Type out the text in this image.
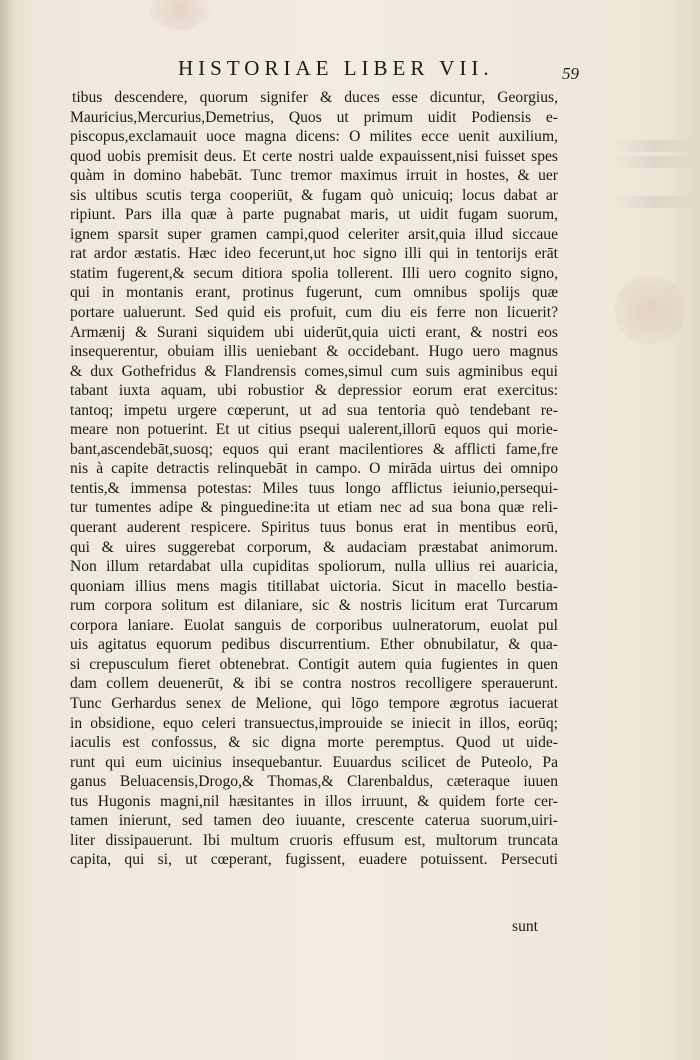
HISTORIAE LIBER VII.	59
tibus descendere, quorum signifer & duces esse dicuntur, Georgius,
Mauricius,Mercurius,Demetrius, Quos ut primum uidit Podiensis e-
piscopus,exclamauit uoce magna dicens: O milites ecce uenit auxilium,
quod uobis premisit deus. Et certe nostri ualde expauissent,nisi fuisset spes
quàm in domino habebāt. Tunc tremor maximus irruit in hostes, & uer
sis ultibus scutis terga cooperiūt, & fugam quò unicuiq; locus dabat ar
ripiunt. Pars illa quæ à parte pugnabat maris, ut uidit fugam suorum,
ignem sparsit super gramen campi,quod celeriter arsit,quia illud siccaue
rat ardor æstatis. Hæc ideo fecerunt,ut hoc signo illi qui in tentorijs erāt
statim fugerent,& secum ditiora spolia tollerent. Illi uero cognito signo,
qui in montanis erant, protinus fugerunt, cum omnibus spolijs quæ
portare ualuerunt. Sed quid eis profuit, cum diu eis ferre non licuerit?
Armænij & Surani siquidem ubi uiderūt,quia uicti erant, & nostri eos
insequerentur, obuiam illis ueniebant & occidebant. Hugo uero magnus
& dux Gothefridus & Flandrensis comes,simul cum suis agminibus equi
tabant iuxta aquam, ubi robustior & depressior eorum erat exercitus:
tantoq; impetu urgere cœperunt, ut ad sua tentoria quò tendebant re-
meare non potuerint. Et ut citius psequi ualerent,illorū equos qui morie-
bant,ascendebāt,suosq; equos qui erant macilentiores & afflicti fame,fre
nis à capite detractis relinquebāt in campo. O mirāda uirtus dei omnipo
tentis,& immensa potestas: Miles tuus longo afflictus ieiunio,persequi-
tur tumentes adipe & pinguedine:ita ut etiam nec ad sua bona quæ reli-
querant auderent respicere. Spiritus tuus bonus erat in mentibus eorū,
qui & uires suggerebat corporum, & audaciam præstabat animorum.
Non illum retardabat ulla cupiditas spoliorum, nulla ullius rei auaricia,
quoniam illius mens magis titillabat uictoria. Sicut in macello bestia-
rum corpora solitum est dilaniare, sic & nostris licitum erat Turcarum
corpora laniare. Euolat sanguis de corporibus uulneratorum, euolat pul
uis agitatus equorum pedibus discurrentium. Ether obnubilatur, & qua-
si crepusculum fieret obtenebrat. Contigit autem quia fugientes in quen
dam collem deuenerūt, & ibi se contra nostros recolligere sperauerunt.
Tunc Gerhardus senex de Melione, qui lōgo tempore ægrotus iacuerat
in obsidione, equo celeri transuectus,improuide se iniecit in illos, eorūq;
iaculis est confossus, & sic digna morte peremptus. Quod ut uide-
runt qui eum uicinius insequebantur. Euuardus scilicet de Puteolo, Pa
ganus Beluacensis,Drogo,& Thomas,& Clarenbaldus, cæteraque iuuen
tus Hugonis magni,nil hæsitantes in illos irruunt, & quidem forte cer-
tamen inierunt, sed tamen deo iuuante, crescente caterua suorum,uiri-
liter dissipauerunt. Ibi multum cruoris effusum est, multorum truncata
capita, qui si, ut cœperant, fugissent, euadere potuissent. Persecuti
sunt
